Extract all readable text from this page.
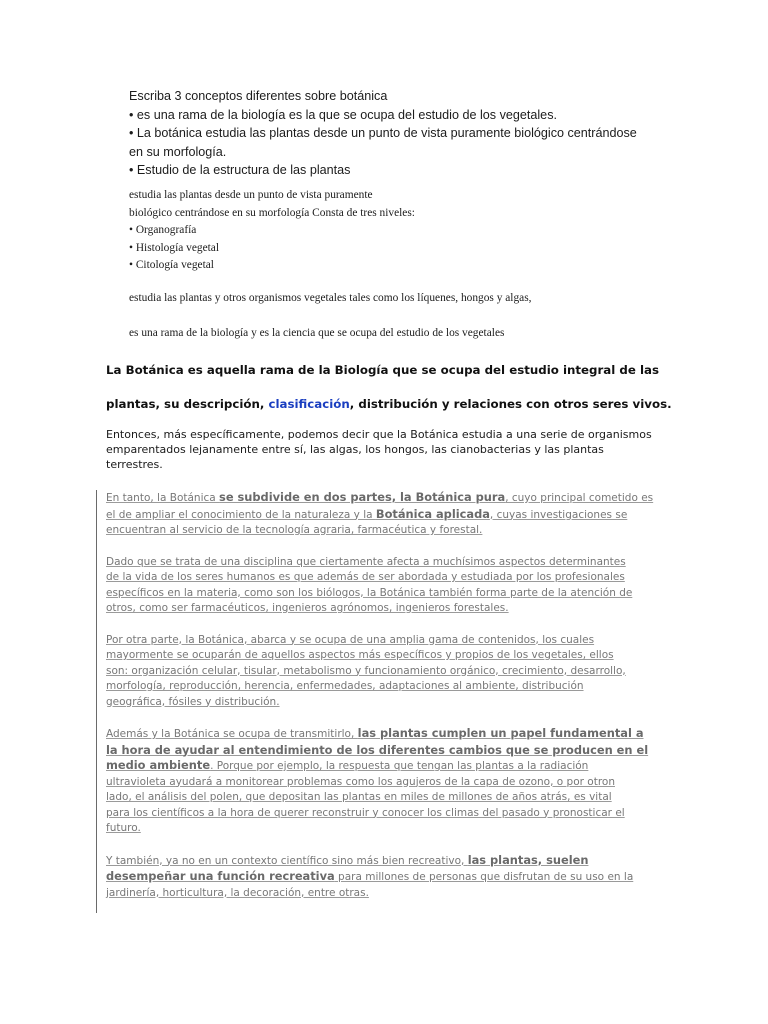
Escriba 3 conceptos diferentes sobre botánica
• es una rama de la biología es la que se ocupa del estudio de los vegetales.
• La botánica estudia las plantas desde un punto de vista puramente biológico centrándose
en su morfología.
• Estudio de la estructura de las plantas
estudia las plantas desde un punto de vista puramente
biológico centrándose en su morfología Consta de tres niveles:
• Organografía
• Histología vegetal
• Citología vegetal
estudia las plantas y otros organismos vegetales tales como los líquenes, hongos y algas,
es una rama de la biología y es la ciencia que se ocupa del estudio de los vegetales
La Botánica es aquella rama de la Biología que se ocupa del estudio integral de las
plantas, su descripción, clasificación, distribución y relaciones con otros seres vivos.
Entonces, más específicamente, podemos decir que la Botánica estudia a una serie de organismos
emparentados lejanamente entre sí, las algas, los hongos, las cianobacterias y las plantas
terrestres.
En tanto, la Botánica se subdivide en dos partes, la Botánica pura, cuyo principal cometido es
el de ampliar el conocimiento de la naturaleza y la Botánica aplicada, cuyas investigaciones se
encuentran al servicio de la tecnología agraria, farmacéutica y forestal.
Dado que se trata de una disciplina que ciertamente afecta a muchísimos aspectos determinantes
de la vida de los seres humanos es que además de ser abordada y estudiada por los profesionales
específicos en la materia, como son los biólogos, la Botánica también forma parte de la atención de
otros, como ser farmacéuticos, ingenieros agrónomos, ingenieros forestales.
Por otra parte, la Botánica, abarca y se ocupa de una amplia gama de contenidos, los cuales
mayormente se ocuparán de aquellos aspectos más específicos y propios de los vegetales, ellos
son: organización celular, tisular, metabolismo y funcionamiento orgánico, crecimiento, desarrollo,
morfología, reproducción, herencia, enfermedades, adaptaciones al ambiente, distribución
geográfica, fósiles y distribución.
Además y la Botánica se ocupa de transmitirlo, las plantas cumplen un papel fundamental a
la hora de ayudar al entendimiento de los diferentes cambios que se producen en el
medio ambiente. Porque por ejemplo, la respuesta que tengan las plantas a la radiación
ultravioleta ayudará a monitorear problemas como los agujeros de la capa de ozono, o por otron
lado, el análisis del polen, que depositan las plantas en miles de millones de años atrás, es vital
para los científicos a la hora de querer reconstruir y conocer los climas del pasado y pronosticar el
futuro.
Y también, ya no en un contexto científico sino más bien recreativo, las plantas, suelen
desempeñar una función recreativa para millones de personas que disfrutan de su uso en la
jardinería, horticultura, la decoración, entre otras.
